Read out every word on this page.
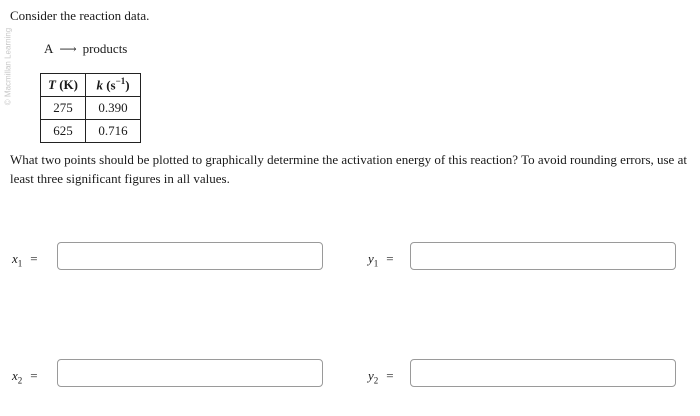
© Macmillan Learning
Consider the reaction data.
A ⟶ products
T (K)	k $(s^{-1})$
275	0.390
625	0.716
What two points should be plotted to graphically determine the activation energy of this reaction? To avoid rounding errors, use at least three significant figures in all values.
$x_1$ =	$y_1$ =
$x_2$ =	$y_2$ =
